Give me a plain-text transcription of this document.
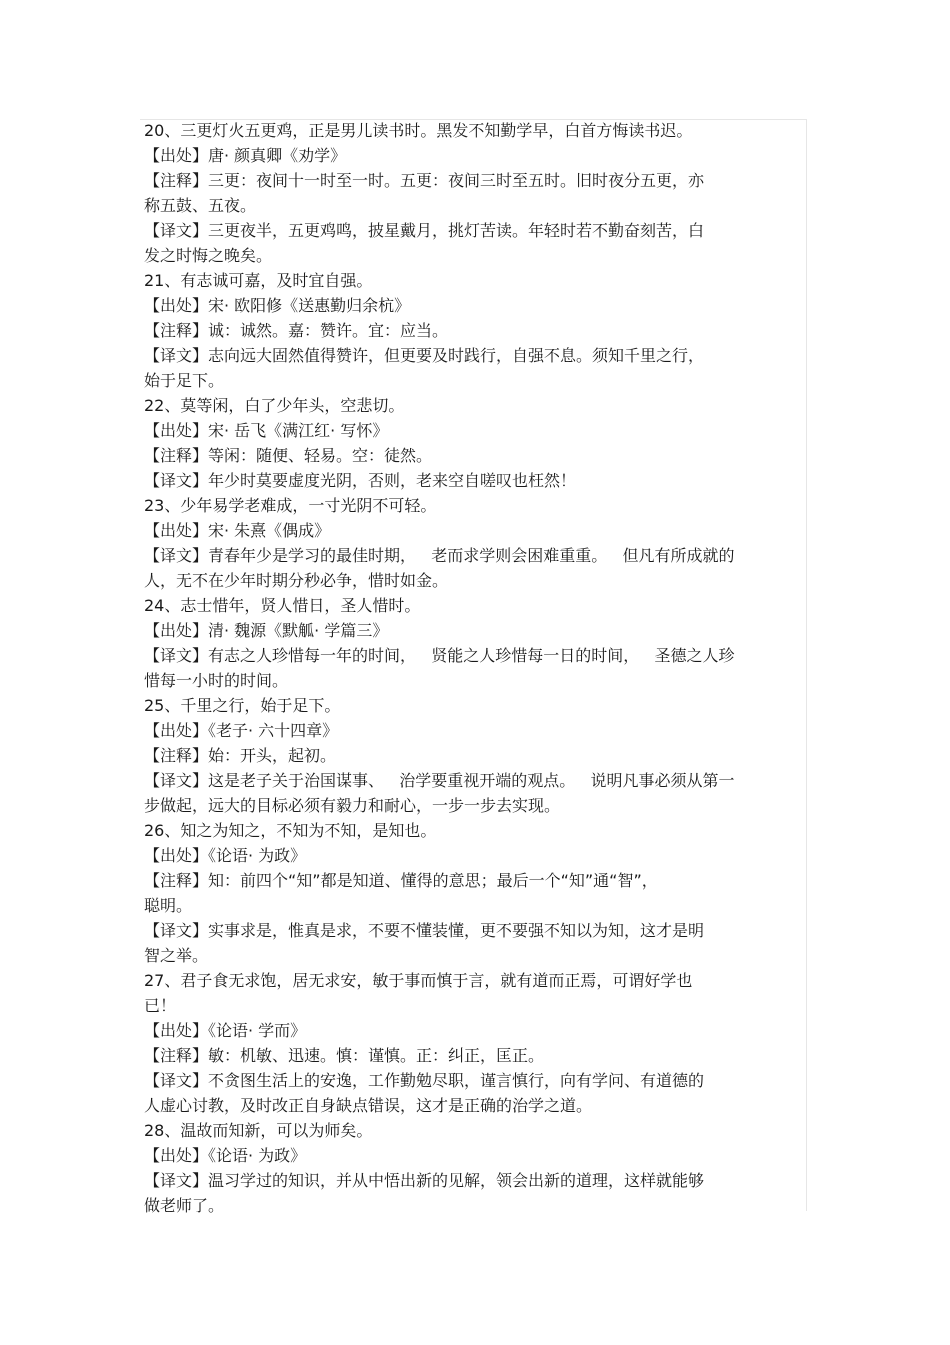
20、三更灯火五更鸡，正是男儿读书时。黑发不知勤学早，白首方悔读书迟。
【出处】唐· 颜真卿《劝学》
【注释】三更：夜间十一时至一时。五更：夜间三时至五时。旧时夜分五更，亦
称五鼓、五夜。
【译文】三更夜半，五更鸡鸣，披星戴月，挑灯苦读。年轻时若不勤奋刻苦，白
发之时悔之晚矣。
21、有志诚可嘉，及时宜自强。
【出处】宋· 欧阳修《送惠勤归余杭》
【注释】诚：诚然。嘉：赞许。宜：应当。
【译文】志向远大固然值得赞许，但更要及时践行，自强不息。须知千里之行，
始于足下。
22、莫等闲，白了少年头，空悲切。
【出处】宋· 岳飞《满江红· 写怀》
【注释】等闲：随便、轻易。空：徒然。
【译文】年少时莫要虚度光阴，否则，老来空自嗟叹也枉然！
23、少年易学老难成，一寸光阴不可轻。
【出处】宋· 朱熹《偶成》
【译文】青春年少是学习的最佳时期，   老而求学则会困难重重。   但凡有所成就的
人，无不在少年时期分秒必争，惜时如金。
24、志士惜年，贤人惜日，圣人惜时。
【出处】清· 魏源《默觚· 学篇三》
【译文】有志之人珍惜每一年的时间，   贤能之人珍惜每一日的时间，   圣德之人珍
惜每一小时的时间。
25、千里之行，始于足下。
【出处】《老子· 六十四章》
【注释】始：开头，起初。
【译文】这是老子关于治国谋事、   治学要重视开端的观点。   说明凡事必须从第一
步做起，远大的目标必须有毅力和耐心，一步一步去实现。
26、知之为知之，不知为不知，是知也。
【出处】《论语· 为政》
【注释】知：前四个“知”都是知道、懂得的意思；最后一个“知”通“智”，
聪明。
【译文】实事求是，惟真是求，不要不懂装懂，更不要强不知以为知，这才是明
智之举。
27、君子食无求饱，居无求安，敏于事而慎于言，就有道而正焉，可谓好学也
已！
【出处】《论语· 学而》
【注释】敏：机敏、迅速。慎：谨慎。正：纠正，匡正。
【译文】不贪图生活上的安逸，工作勤勉尽职，谨言慎行，向有学问、有道德的
人虚心讨教，及时改正自身缺点错误，这才是正确的治学之道。
28、温故而知新，可以为师矣。
【出处】《论语· 为政》
【译文】温习学过的知识，并从中悟出新的见解，领会出新的道理，这样就能够
做老师了。
